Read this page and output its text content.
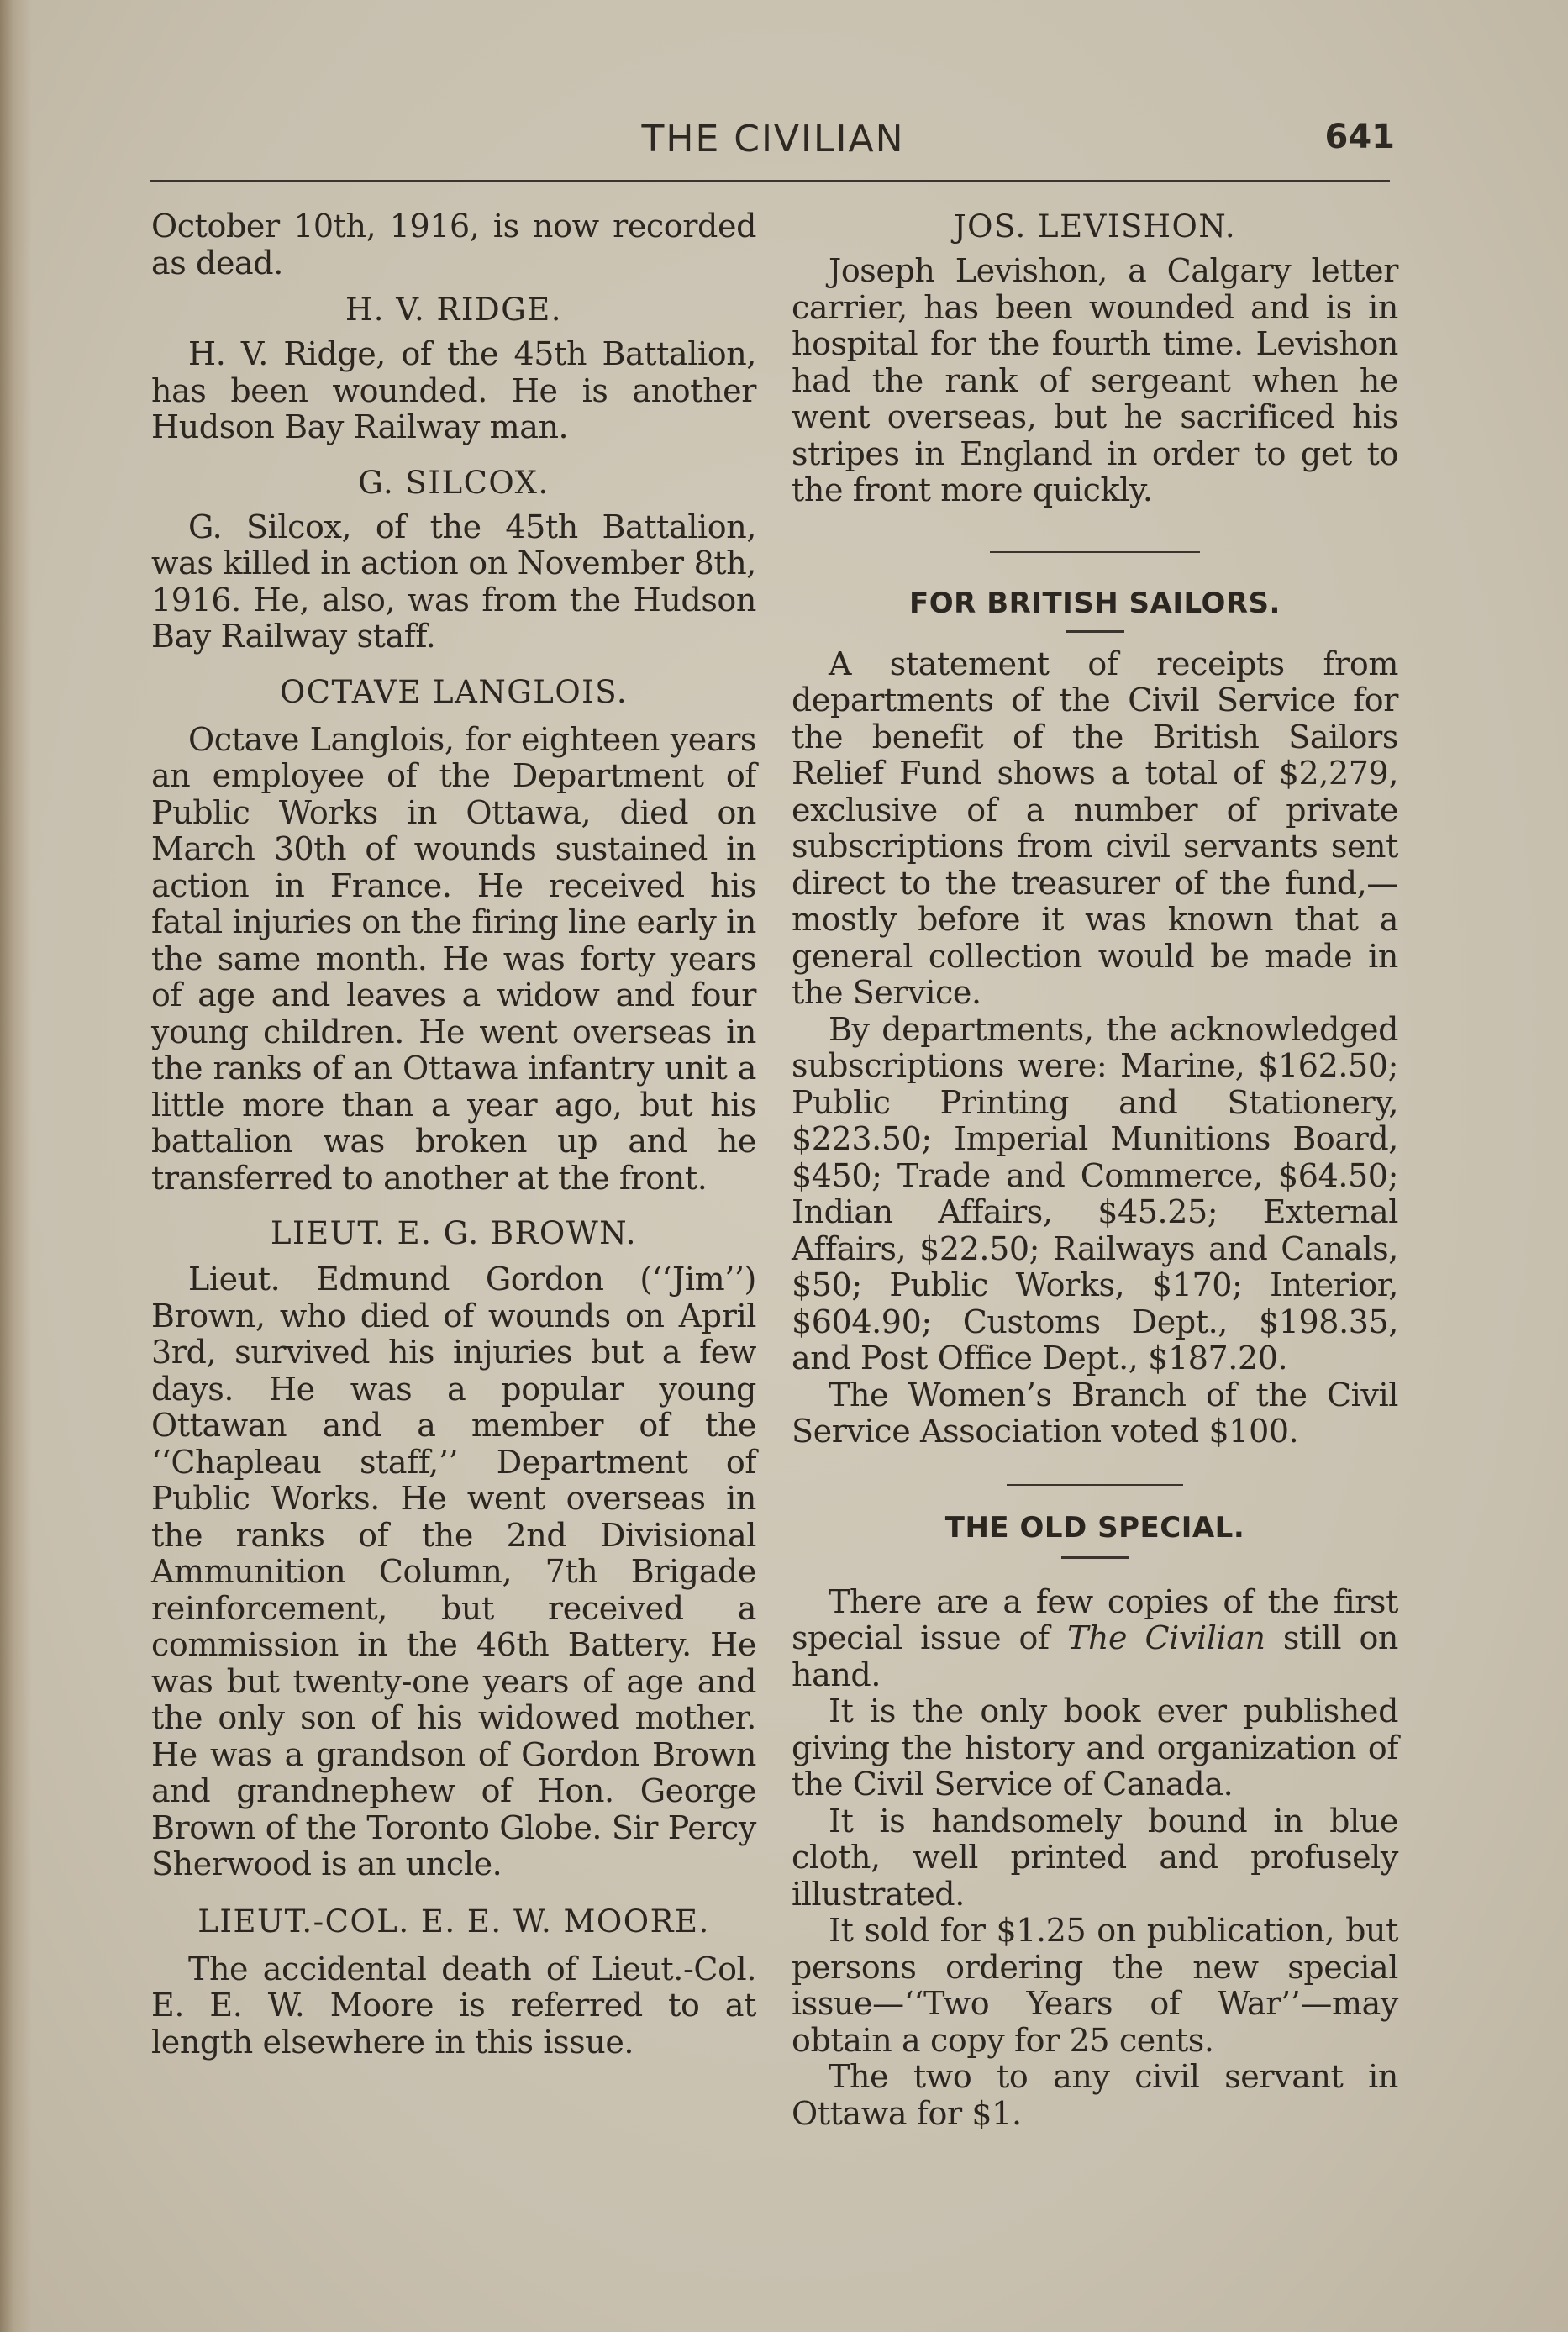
THE CIVILIAN	641

October 10th, 1916, is now recorded as dead.

H. V. RIDGE.

H. V. Ridge, of the 45th Battalion, has been wounded. He is another Hudson Bay Railway man.

G. SILCOX.

G. Silcox, of the 45th Battalion, was killed in action on November 8th, 1916. He, also, was from the Hudson Bay Railway staff.

OCTAVE LANGLOIS.

Octave Langlois, for eighteen years an employee of the Department of Public Works in Ottawa, died on March 30th of wounds sustained in action in France. He received his fatal injuries on the firing line early in the same month. He was forty years of age and leaves a widow and four young children. He went overseas in the ranks of an Ottawa infantry unit a little more than a year ago, but his battalion was broken up and he transferred to another at the front.

LIEUT. E. G. BROWN.

Lieut. Edmund Gordon (‘‘Jim’’) Brown, who died of wounds on April 3rd, survived his injuries but a few days. He was a popular young Ottawan and a member of the ‘‘Chapleau staff,’’ Department of Public Works. He went overseas in the ranks of the 2nd Divisional Ammunition Column, 7th Brigade reinforcement, but received a commission in the 46th Battery. He was but twenty-one years of age and the only son of his widowed mother. He was a grandson of Gordon Brown and grandnephew of Hon. George Brown of the Toronto Globe. Sir Percy Sherwood is an uncle.

LIEUT.-COL. E. E. W. MOORE.

The accidental death of Lieut.-Col. E. E. W. Moore is referred to at length elsewhere in this issue.

JOS. LEVISHON.

Joseph Levishon, a Calgary letter carrier, has been wounded and is in hospital for the fourth time. Levishon had the rank of sergeant when he went overseas, but he sacrificed his stripes in England in order to get to the front more quickly.

FOR BRITISH SAILORS.

A statement of receipts from departments of the Civil Service for the benefit of the British Sailors Relief Fund shows a total of $2,279, exclusive of a number of private subscriptions from civil servants sent direct to the treasurer of the fund,—mostly before it was known that a general collection would be made in the Service.

By departments, the acknowledged subscriptions were: Marine, $162.50; Public Printing and Stationery, $223.50; Imperial Munitions Board, $450; Trade and Commerce, $64.50; Indian Affairs, $45.25; External Affairs, $22.50; Railways and Canals, $50; Public Works, $170; Interior, $604.90; Customs Dept., $198.35, and Post Office Dept., $187.20.

The Women’s Branch of the Civil Service Association voted $100.

THE OLD SPECIAL.

There are a few copies of the first special issue of The Civilian still on hand.

It is the only book ever published giving the history and organization of the Civil Service of Canada.

It is handsomely bound in blue cloth, well printed and profusely illustrated.

It sold for $1.25 on publication, but persons ordering the new special issue—‘‘Two Years of War’’—may obtain a copy for 25 cents.

The two to any civil servant in Ottawa for $1.
